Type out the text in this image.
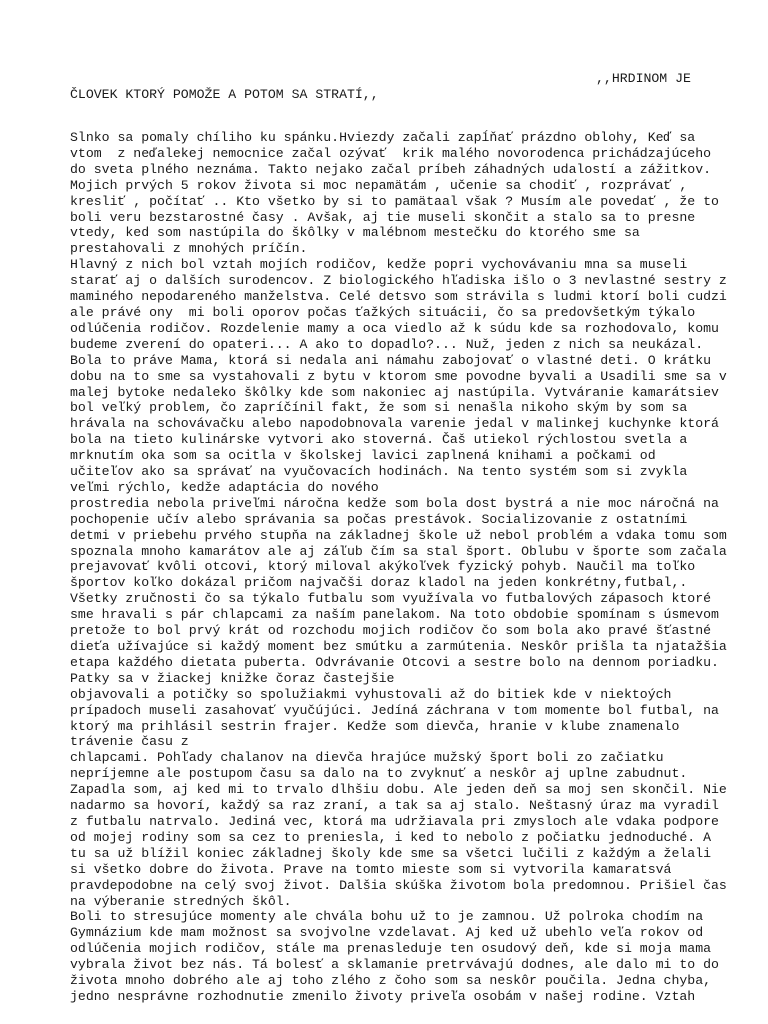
,,HRDINOM JE
ČLOVEK KTORÝ POMOŽE A POTOM SA STRATÍ,,
Slnko sa pomaly chíliho ku spánku.Hviezdy začali zapĺňať prázdno oblohy, Keď sa
vtom  z neďalekej nemocnice začal ozývať  krik malého novorodenca prichádzajúceho
do sveta plného neznáma. Takto nejako začal príbeh záhadných udalostí a zážitkov.
Mojich prvých 5 rokov života si moc nepamätám , učenie sa chodiť , rozprávať ,
kresliť , počítať .. Kto všetko by si to pamätaal však ? Musím ale povedať , že to
boli veru bezstarostné časy . Avšak, aj tie museli skončit a stalo sa to presne
vtedy, ked som nastúpila do škôlky v malébnom mestečku do ktorého sme sa
prestahovali z mnohých príčín.
Hlavný z nich bol vztah mojích rodičov, kedže popri vychovávaniu mna sa museli
starať aj o dalších surodencov. Z biologického hľadiska išlo o 3 nevlastné sestry z
maminého nepodareného manželstva. Celé detsvo som strávila s ludmi ktorí boli cudzi
ale právé ony  mi boli oporov počas ťažkých situácii, čo sa predovšetkým týkalo
odlúčenia rodičov. Rozdelenie mamy a oca viedlo až k súdu kde sa rozhodovalo, komu
budeme zverení do opateri... A ako to dopadlo?... Nuž, jeden z nich sa neukázal.
Bola to práve Mama, ktorá si nedala ani námahu zabojovať o vlastné deti. O krátku
dobu na to sme sa vystahovali z bytu v ktorom sme povodne byvali a Usadili sme sa v
malej bytoke nedaleko škôlky kde som nakoniec aj nastúpila. Vytváranie kamarátsiev
bol veľký problem, čo zapríčínil fakt, že som si nenašla nikoho ským by som sa
hrávala na schovávačku alebo napodobnovala varenie jedal v malinkej kuchynke ktorá
bola na tieto kulinárske vytvori ako stoverná. Čaš utiekol rýchlostou svetla a
mrknutím oka som sa ocitla v školskej lavici zaplnená knihami a počkami od
učiteľov ako sa správať na vyučovacích hodinách. Na tento systém som si zvykla
veľmi rýchlo, kedže adaptácia do nového
prostredia nebola priveľmi náročna kedže som bola dost bystrá a nie moc náročná na
pochopenie učív alebo správania sa počas prestávok. Socializovanie z ostatními
detmi v priebehu prvého stupňa na základnej škole už nebol problém a vdaka tomu som
spoznala mnoho kamarátov ale aj záľub čím sa stal šport. Oblubu v športe som začala
prejavovať kvôli otcovi, ktorý miloval akýkoľvek fyzický pohyb. Naučil ma toľko
športov koľko dokázal pričom najvačši doraz kladol na jeden konkrétny,futbal,.
Všetky zručnosti čo sa týkalo futbalu som využívala vo futbalových zápasoch ktoré
sme hravali s pár chlapcami za naším panelakom. Na toto obdobie spomínam s úsmevom
pretože to bol prvý krát od rozchodu mojich rodičov čo som bola ako pravé šťastné
dieťa užívajúce si každý moment bez smútku a zarmútenia. Neskôr prišla ta njatažšia
etapa každého dietata puberta. Odvrávanie Otcovi a sestre bolo na dennom poriadku.
Patky sa v žiackej knižke čoraz častejšie
objavovali a potičky so spolužiakmi vyhustovali až do bitiek kde v niektoých
prípadoch museli zasahovať vyučújúci. Jedíná záchrana v tom momente bol futbal, na
ktorý ma prihlásil sestrin frajer. Kedže som dievča, hranie v klube znamenalo
trávenie času z
chlapcami. Pohľady chalanov na dievča hrajúce mužský šport boli zo začiatku
nepríjemne ale postupom času sa dalo na to zvyknuť a neskôr aj uplne zabudnut.
Zapadla som, aj ked mi to trvalo dlhšiu dobu. Ale jeden deň sa moj sen skončil. Nie
nadarmo sa hovorí, každý sa raz zraní, a tak sa aj stalo. Neštasný úraz ma vyradil
z futbalu natrvalo. Jediná vec, ktorá ma udržiavala pri zmysloch ale vdaka podpore
od mojej rodiny som sa cez to preniesla, i ked to nebolo z počiatku jednoduché. A
tu sa už blížil koniec základnej školy kde sme sa všetci lučili z každým a želali
si všetko dobre do života. Prave na tomto mieste som si vytvorila kamaratsvá
pravdepodobne na celý svoj život. Dalšia skúška životom bola predomnou. Prišiel čas
na výberanie stredných škôl.
Boli to stresujúce momenty ale chvála bohu už to je zamnou. Už polroka chodím na
Gymnázium kde mam možnost sa svojvolne vzdelavat. Aj ked už ubehlo veľa rokov od
odlúčenia mojich rodičov, stále ma prenasleduje ten osudový deň, kde si moja mama
vybrala život bez nás. Tá bolesť a sklamanie pretrvávajú dodnes, ale dalo mi to do
života mnoho dobrého ale aj toho zlého z čoho som sa neskôr poučila. Jedna chyba,
jedno nesprávne rozhodnutie zmenilo životy priveľa osobám v našej rodine. Vztah
